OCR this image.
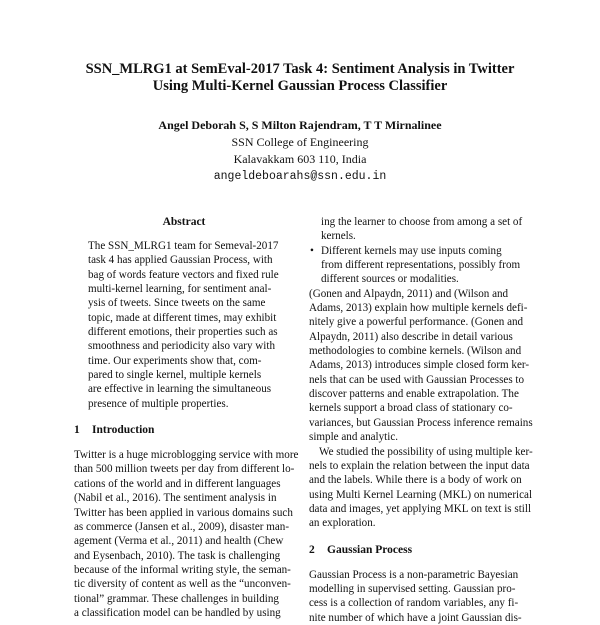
SSN_MLRG1 at SemEval-2017 Task 4: Sentiment Analysis in Twitter
Using Multi-Kernel Gaussian Process Classifier
Angel Deborah S, S Milton Rajendram, T T Mirnalinee
SSN College of Engineering
Kalavakkam 603 110, India
angeldeboarahs@ssn.edu.in
Abstract
The SSN_MLRG1 team for Semeval-2017
task 4 has applied Gaussian Process, with
bag of words feature vectors and fixed rule
multi-kernel learning, for sentiment anal-
ysis of tweets. Since tweets on the same
topic, made at different times, may exhibit
different emotions, their properties such as
smoothness and periodicity also vary with
time. Our experiments show that, com-
pared to single kernel, multiple kernels
are effective in learning the simultaneous
presence of multiple properties.
1 Introduction
Twitter is a huge microblogging service with more
than 500 million tweets per day from different lo-
cations of the world and in different languages
(Nabil et al., 2016). The sentiment analysis in
Twitter has been applied in various domains such
as commerce (Jansen et al., 2009), disaster man-
agement (Verma et al., 2011) and health (Chew
and Eysenbach, 2010). The task is challenging
because of the informal writing style, the seman-
tic diversity of content as well as the “unconven-
tional” grammar. These challenges in building
a classification model can be handled by using
ing the learner to choose from among a set of
kernels.
• Different kernels may use inputs coming
from different representations, possibly from
different sources or modalities.
(Gonen and Alpaydn, 2011) and (Wilson and
Adams, 2013) explain how multiple kernels defi-
nitely give a powerful performance. (Gonen and
Alpaydn, 2011) also describe in detail various
methodologies to combine kernels. (Wilson and
Adams, 2013) introduces simple closed form ker-
nels that can be used with Gaussian Processes to
discover patterns and enable extrapolation. The
kernels support a broad class of stationary co-
variances, but Gaussian Process inference remains
simple and analytic.
We studied the possibility of using multiple ker-
nels to explain the relation between the input data
and the labels. While there is a body of work on
using Multi Kernel Learning (MKL) on numerical
data and images, yet applying MKL on text is still
an exploration.
2 Gaussian Process
Gaussian Process is a non-parametric Bayesian
modelling in supervised setting. Gaussian pro-
cess is a collection of random variables, any fi-
nite number of which have a joint Gaussian dis-
